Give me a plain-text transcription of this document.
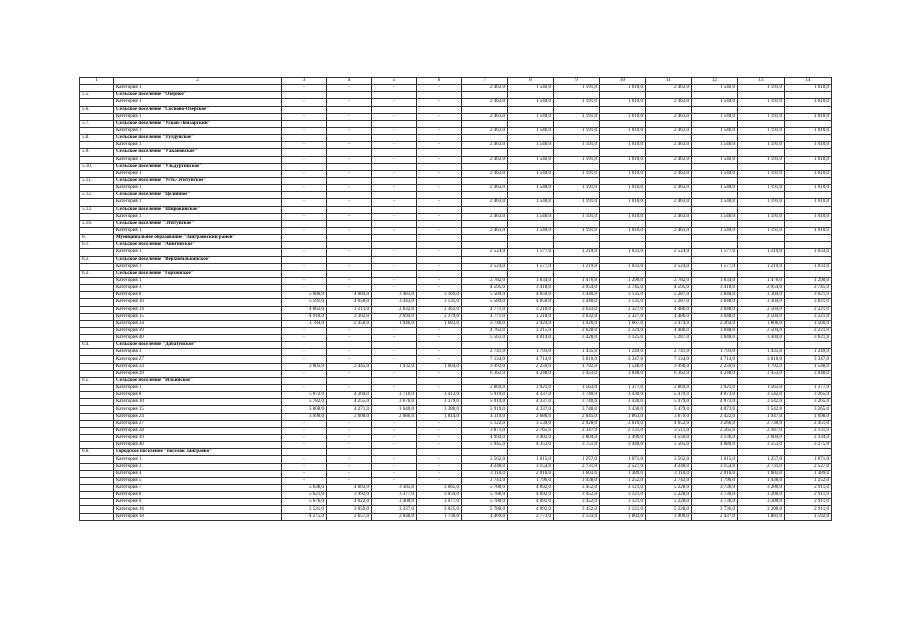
1	2	3	4	5	6	7	8	9	10	11	12	13	14
	Категория 1	-	-	-	-	2 463,0	1 540,0	1 191,0	1 010,0	2 463,0	1 540,0	1 191,0	1 010,0
5.5.	Сельское поселение "Озерное"												
	Категория 1	-	-	-	-	2 463,0	1 540,0	1 191,0	1 010,0	2 463,0	1 540,0	1 191,0	1 010,0
5.6.	Сельское поселение "Сосново-Озерское"												
	Категория 1	-	-	-	-	2 463,0	1 540,0	1 191,0	1 010,0	2 463,0	1 540,0	1 191,0	1 010,0
5.7.	Сельское поселение "Ускан-Лонзарский"												
	Категория 1	-	-	-	-	2 463,0	1 540,0	1 191,0	1 010,0	2 463,0	1 540,0	1 191,0	1 010,0
5.8.	Сельское поселение "Тулдунское"												
	Категория 1	-	-	-	-	2 463,0	1 540,0	1 191,0	1 010,0	2 463,0	1 540,0	1 191,0	1 010,0
5.9.	Сельское поселение "Уакановское"												
	Категория 1	-	-	-	-	2 463,0	1 540,0	1 191,0	1 010,0	2 463,0	1 540,0	1 191,0	1 010,0
5.10.	Сельское поселение "Ульдургинское"												
	Категория 1	-	-	-	-	2 463,0	1 540,0	1 191,0	1 010,0	2 463,0	1 540,0	1 191,0	1 010,0
5.11.	Сельское поселение "Усть-Эгитуйское"												
	Категория 1	-	-	-	-	2 463,0	1 540,0	1 191,0	1 010,0	2 463,0	1 540,0	1 191,0	1 010,0
5.12.	Сельское поселение "Целинное"												
	Категория 1	-	-	-	-	2 463,0	1 540,0	1 191,0	1 010,0	2 463,0	1 540,0	1 191,0	1 010,0
5.13.	Сельское поселение "Широкинское"												
	Категория 1	-	-	-	-	2 463,0	1 540,0	1 191,0	1 010,0	2 463,0	1 540,0	1 191,0	1 010,0
5.14.	Сельское поселение "Эгитуйское"												
	Категория 1	-	-	-	-	2 463,0	1 540,0	1 191,0	1 010,0	2 463,0	1 540,0	1 191,0	1 010,0
6.	Муниципальное образование "Заиграевский район"												
6.1.	Сельское поселение "Айнгинское"												
	Категория 1	-	-	-	-	2 524,0	1 577,0	1 219,0	1 033,0	2 524,0	1 577,0	1 219,0	1 033,0
6.2.	Сельское поселение "Верхнеилькинское"												
	Категория 1	-	-	-	-	2 524,0	1 577,0	1 219,0	1 033,0	2 524,0	1 577,0	1 219,0	1 033,0
6.3.	Сельское поселение "Горхонское"												
	Категория 1	-	-	-	-	2 782,0	1 834,0	1 476,0	1 290,0	2 782,0	1 834,0	1 476,0	1 290,0
	Категория 3	-	-	-	-	4 595,0	3 418,0	2 954,0	2 745,0	4 595,0	3 418,0	2 954,0	2 745,0
	Категория 8	5 680,0	4 084,0	3 483,0	3 169,0	5 589,0	4 050,0	3 440,0	3 135,0	5 287,0	3 848,0	3 304,0	3 021,0
	Категория 10	5 591,0	4 050,0	3 443,0	3 135,0	5 589,0	4 050,0	3 440,0	3 135,0	5 287,0	3 848,0	3 304,0	3 021,0
	Категория 14	4 862,0	3 213,0	2 632,0	2 361,0	4 771,0	3 218,0	2 633,0	2 327,0	4 486,0	3 048,0	2 504,0	2 221,0
	Категория 15	4 910,0	3 302,0	2 694,0	2 379,0	4 771,0	3 218,0	2 632,0	2 327,0	4 486,0	3 048,0	2 504,0	2 221,0
	Категория 34	3 784,0	2 450,0	1 946,0	1 683,0	3 746,0	2 424,0	1 926,0	1 667,0	3 474,0	2 264,0	1 806,0	1 566,0
	Категория 39	-	-	-	-	4 762,0	3 215,0	2 628,0	2 324,0	4 486,0	3 048,0	2 504,0	2 221,0
	Категория 40	-	-	-	-	5 563,0	4 014,0	3 428,0	3 125,0	5 287,0	3 848,0	3 304,0	3 021,0
6.4.	Сельское поселение "Дабатуйское"												
	Категория 1	-	-	-	-	2 741,0	1 793,0	1 435,0	1 249,0	2 741,0	1 793,0	1 435,0	1 249,0
	Категория 27	-	-	-	-	7 134,0	4 714,0	3 810,0	3 347,0	7 134,0	4 714,0	3 810,0	3 347,0
	Категория 24	3 803,0	2 445,0	1 932,0	1 664,0	3 493,0	2 259,0	1 792,0	1 548,0	3 496,0	2 259,0	1 792,0	1 548,0
	Категория 29	-	-	-	-	6 362,0	4 248,0	3 453,0	3 048,0	6 362,0	4 248,0	3 453,0	3 048,0
6.5.	Сельское поселение "Ильинское"												
	Категория 1	-	-	-	-	2 869,0	1 921,0	1 563,0	1 377,0	2 869,0	1 921,0	1 563,0	1 377,0
	Категория 8	5 872,0	4 269,0	3 710,0	3 412,0	5 919,0	4 337,0	3 740,0	3 430,0	5 479,0	4 073,0	3 542,0	3 265,0
	Категория 10	5 782,0	4 255,0	3 676,0	3 379,0	5 919,0	4 337,0	3 740,0	3 430,0	5 479,0	4 073,0	3 542,0	3 265,0
	Категория 15	5 808,0	4 271,0	3 640,0	3 380,0	5 919,0	4 337,0	3 740,0	3 430,0	5 479,0	4 073,0	3 542,0	3 265,0
	Категория 24	3 090,0	2 608,0	2 086,0	1 814,0	4 119,0	2 680,0	2 045,0	1 863,0	3 679,0	2 422,0	1 947,0	1 698,0
	Категория 27	-	-	-	-	5 122,0	3 530,0	2 928,0	2 616,0	4 652,0	3 266,0	2 730,0	2 451,0
	Категория 28	-	-	-	-	3 871,0	2 765,0	2 347,0	2 131,0	3 511,0	2 565,0	2 187,0	2 131,0
	Категория 39	-	-	-	-	4 994,0	3 402,0	2 804,0	2 499,0	4 556,0	3 136,0	2 604,0	2 334,0
	Категория 40	-	-	-	-	5 945,0	4 353,0	3 751,0	3 440,0	5 505,0	4 089,0	3 553,0	3 275,0
6.6.	Городское поселение "поселок Заиграево"												
	Категория 1	-	-	-	-	2 562,0	1 615,0	1 257,0	1 071,0	2 562,0	1 615,0	1 257,0	1 071,0
	Категория 3	-	-	-	-	4 248,0	3 154,0	2 731,0	2 527,0	4 248,0	3 154,0	2 731,0	2 527,0
	Категория 4	-	-	-	-	3 110,0	2 016,0	1 603,0	1 389,0	3 110,0	2 016,0	1 603,0	1 389,0
	Категория 5	-	-	-	-	2 743,0	1 796,0	1 438,0	1 252,0	2 743,0	1 796,0	1 438,0	1 252,0
	Категория 7	5 638,0	4 003,0	3 385,0	3 065,0	5 788,0	4 092,0	3 452,0	3 121,0	5 228,0	3 736,0	3 200,0	2 911,0
	Категория 8	5 621,0	3 992,0	3 377,0	3 059,0	5 788,0	4 092,0	3 452,0	3 121,0	5 228,0	3 736,0	3 200,0	2 911,0
	Категория 9	5 676,0	4 022,0	3 400,0	3 077,0	5 788,0	4 092,0	3 452,0	3 121,0	5 228,0	3 736,0	3 200,0	2 911,0
	Категория 16	5 531,0	3 959,0	3 337,0	3 025,0	5 788,0	4 092,0	3 452,0	3 121,0	5 228,0	3 736,0	3 200,0	2 911,0
	Категория 18	4 275,0	2 657,0	2 046,0	1 730,0	4 469,0	2 773,0	2 133,0	1 802,0	3 906,0	2 437,0	1 881,0	1 592,0
